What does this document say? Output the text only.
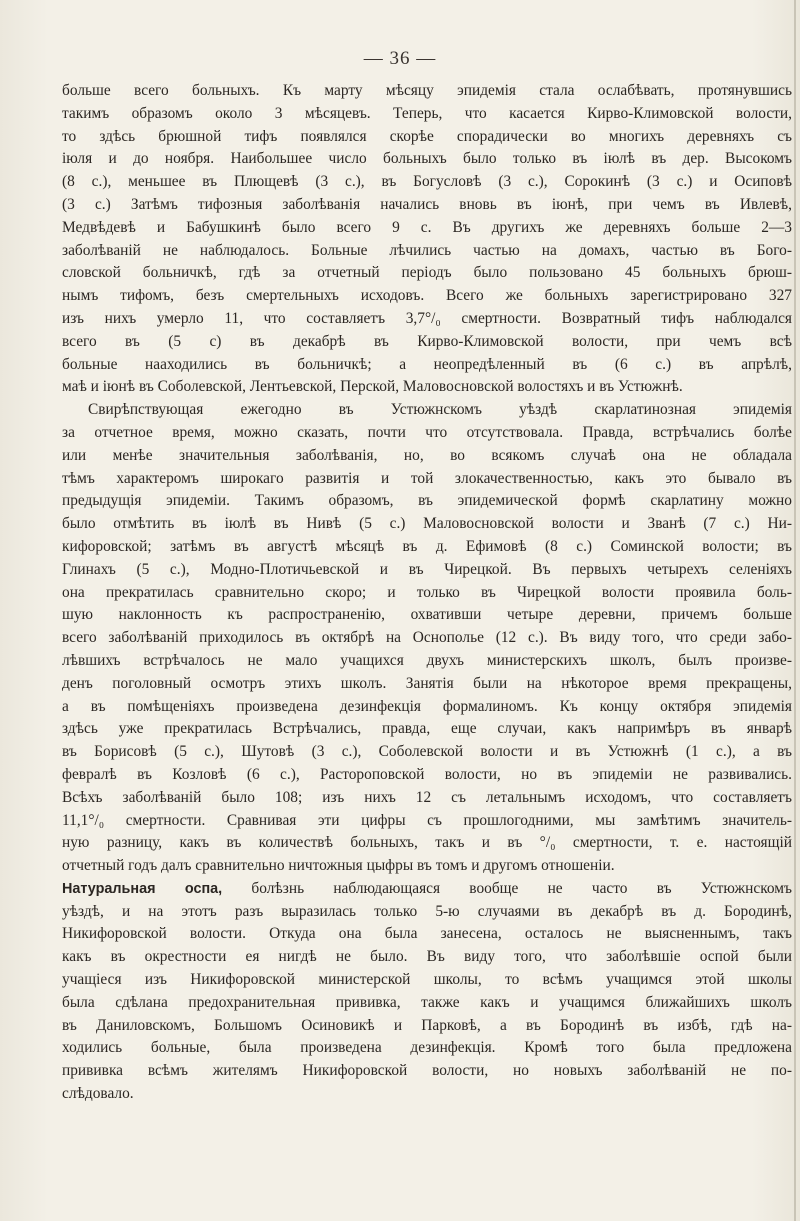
— 36 —
больше всего больныхъ. Къ марту мѣсяцу эпидемія стала ослабѣвать, протянувшись
такимъ образомъ около 3 мѣсяцевъ. Теперь, что касается Кирво-Климовской волости,
то здѣсь брюшной тифъ появлялся скорѣе спорадически во многихъ деревняхъ съ
іюля и до ноября. Наибольшее число больныхъ было только въ іюлѣ въ дер. Высокомъ
(8 с.), меньшее въ Плющевѣ (3 с.), въ Богусловѣ (3 с.), Сорокинѣ (3 с.) и Осиповѣ
(3 с.) Затѣмъ тифозныя заболѣванія начались вновь въ іюнѣ, при чемъ въ Ивлевѣ,
Медвѣдевѣ и Бабушкинѣ было всего 9 с. Въ другихъ же деревняхъ больше 2—3
заболѣваній не наблюдалось. Больные лѣчились частью на домахъ, частью въ Бого-
словской больничкѣ, гдѣ за отчетный періодъ было пользовано 45 больныхъ брюш-
нымъ тифомъ, безъ смертельныхъ исходовъ. Всего же больныхъ зарегистрировано 327
изъ нихъ умерло 11, что составляетъ 3,7°/₀ смертности. Возвратный тифъ наблюдался
всего въ (5 с) въ декабрѣ въ Кирво-Климовской волости, при чемъ всѣ
больные наaходились въ больничкѣ; а неопредѣленный въ (6 с.) въ апрѣлѣ,
маѣ и іюнѣ въ Соболевской, Лентьевской, Перской, Маловосновской волостяхъ и въ Устюжнѣ.
Свирѣпствующая ежегодно въ Устюжнскомъ уѣздѣ скарлатинозная эпидемія
за отчетное время, можно сказать, почти что отсутствовала. Правда, встрѣчались болѣе
или менѣе значительныя заболѣванія, но, во всякомъ случаѣ она не обладала
тѣмъ характеромъ широкаго развитія и той злокачественностью, какъ это бывало въ
предыдущія эпидеміи. Такимъ образомъ, въ эпидемической формѣ скарлатину можно
было отмѣтить въ іюлѣ въ Нивѣ (5 с.) Маловосновской волости и Званѣ (7 с.) Ни-
кифоровской; затѣмъ въ августѣ мѣсяцѣ въ д. Ефимовѣ (8 с.) Соминской волости; въ
Глинахъ (5 с.), Модно-Плотичьевской и въ Чирецкой. Въ первыхъ четырехъ селеніяхъ
она прекратилась сравнительно скоро; и только въ Чирецкой волости проявила боль-
шую наклонность къ распространенію, охвативши четыре деревни, причемъ больше
всего заболѣваній приходилось въ октябрѣ на Оснополье (12 с.). Въ виду того, что среди забо-
лѣвшихъ встрѣчалось не мало учащихся двухъ министерскихъ школъ, былъ произве-
денъ поголовный осмотръ этихъ школъ. Занятія были на нѣкоторое время прекращены,
а въ помѣщеніяхъ произведена дезинфекція формалиномъ. Къ концу октября эпидемія
здѣсь уже прекратилась Встрѣчались, правда, еще случаи, какъ напримѣръ въ январѣ
въ Борисовѣ (5 с.), Шутовѣ (3 с.), Соболевской волости и въ Устюжнѣ (1 с.), а въ
февралѣ въ Козловѣ (6 с.), Растороповской волости, но въ эпидеміи не развивались.
Всѣхъ заболѣваній было 108; изъ нихъ 12 съ летальнымъ исходомъ, что составляетъ
11,1°/₀ смертности. Сравнивая эти цифры съ прошлогодними, мы замѣтимъ значитель-
ную разницу, какъ въ количествѣ больныхъ, такъ и въ °/₀ смертности, т. е. настоящій
отчетный годъ далъ сравнительно ничтожныя цыфры въ томъ и другомъ отношеніи.
Натуральная оспа, болѣзнь наблюдающаяся вообще не часто въ Устюжнскомъ
уѣздѣ, и на этотъ разъ выразилась только 5-ю случаями въ декабрѣ въ д. Бородинѣ,
Никифоровской волости. Откуда она была занесена, осталось не выясненнымъ, такъ
какъ въ окрестности ея нигдѣ не было. Въ виду того, что заболѣвшіе оспой были
учащіеся изъ Никифоровской министерской школы, то всѣмъ учащимся этой школы
была сдѣлана предохранительная прививка, также какъ и учащимся ближайшихъ школъ
въ Даниловскомъ, Большомъ Осиновикѣ и Парковѣ, а въ Бородинѣ въ избѣ, гдѣ на-
ходились больные, была произведена дезинфекція. Кромѣ того была предложена
прививка всѣмъ жителямъ Никифоровской волости, но новыхъ заболѣваній не по-
слѣдовало.
